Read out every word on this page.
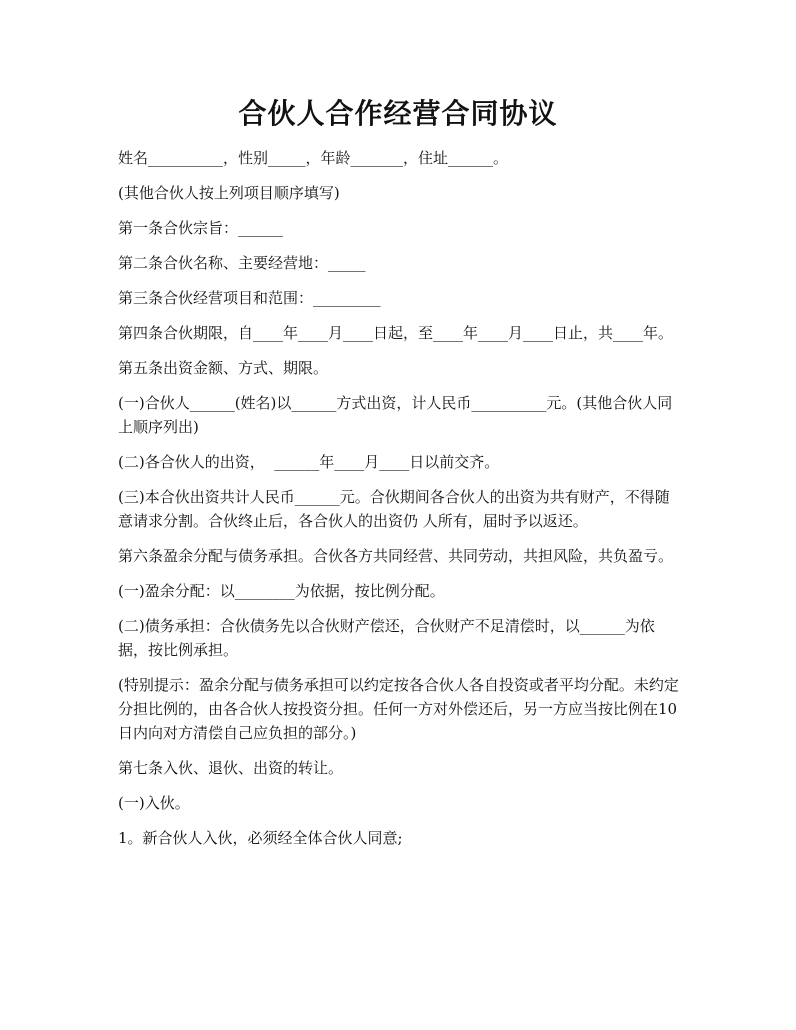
合伙人合作经营合同协议

姓名__________，性别_____，年龄_______，住址______。

(其他合伙人按上列项目顺序填写)

第一条合伙宗旨：______

第二条合伙名称、主要经营地：_____

第三条合伙经营项目和范围：_________

第四条合伙期限，自____年____月____日起，至____年____月____日止，共____年。

第五条出资金额、方式、期限。

(一)合伙人______(姓名)以______方式出资，计人民币__________元。(其他合伙人同上顺序列出)

(二)各合伙人的出资，  ______年____月____日以前交齐。

(三)本合伙出资共计人民币______元。合伙期间各合伙人的出资为共有财产，不得随意请求分割。合伙终止后，各合伙人的出资仍 人所有，届时予以返还。

第六条盈余分配与债务承担。合伙各方共同经营、共同劳动，共担风险，共负盈亏。

(一)盈余分配：以________为依据，按比例分配。

(二)债务承担：合伙债务先以合伙财产偿还，合伙财产不足清偿时，以______为依据，按比例承担。

(特别提示：盈余分配与债务承担可以约定按各合伙人各自投资或者平均分配。未约定分担比例的，由各合伙人按投资分担。任何一方对外偿还后，另一方应当按比例在10日内向对方清偿自己应负担的部分。)

第七条入伙、退伙、出资的转让。

(一)入伙。

1。新合伙人入伙，必须经全体合伙人同意;
